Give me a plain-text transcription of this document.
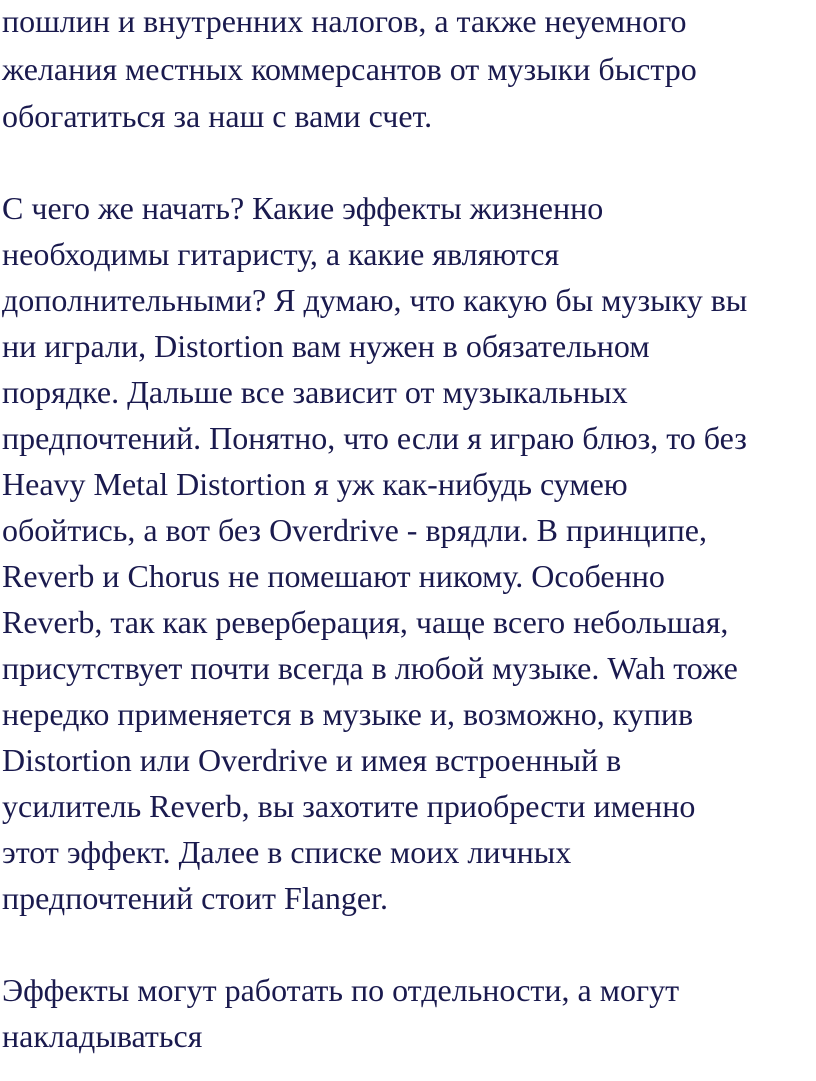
пошлин и внутренних налогов, а также неуемного
желания местных коммерсантов от музыки быстро
обогатиться за наш с вами счет.
С чего же начать? Какие эффекты жизненно
необходимы гитаристу, а какие являются
дополнительными? Я думаю, что какую бы музыку вы
ни играли, Distortion вам нужен в обязательном
порядке. Дальше все зависит от музыкальных
предпочтений. Понятно, что если я играю блюз, то без
Heavy Metal Distortion я уж как-нибудь сумею
обойтись, а вот без Overdrive - врядли. В принципе,
Reverb и Chorus не помешают никому. Особенно
Reverb, так как реверберация, чаще всего небольшая,
присутствует почти всегда в любой музыке. Wah тоже
нередко применяется в музыке и, возможно, купив
Distortion или Overdrive и имея встроенный в
усилитель Reverb, вы захотите приобрести именно
этот эффект. Далее в списке моих личных
предпочтений стоит Flanger.
Эффекты могут работать по отдельности, а могут
накладываться
